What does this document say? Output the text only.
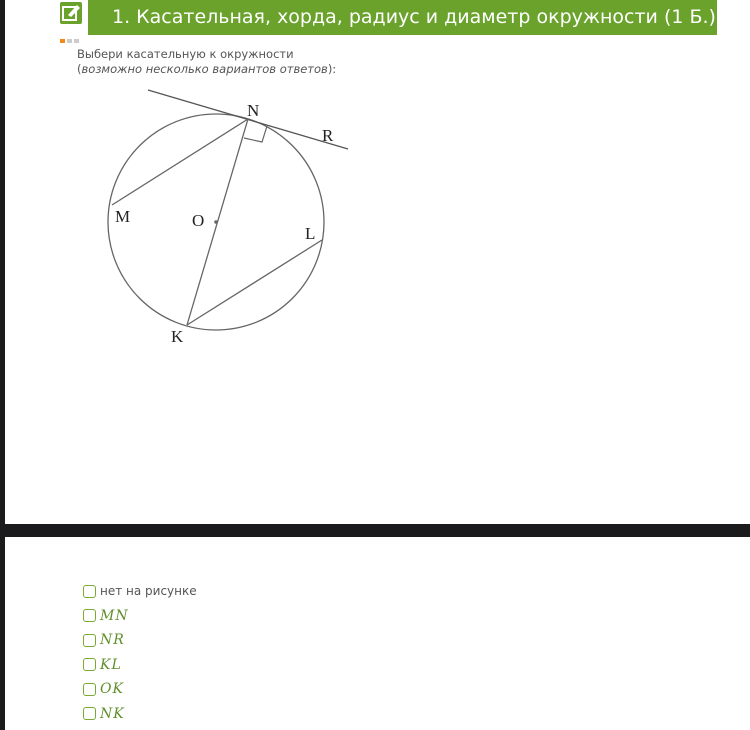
1. Касательная, хорда, радиус и диаметр окружности (1 Б.)
Выбери касательную к окружности
(возможно несколько вариантов ответов):
N
R
M	O
L
K
нет на рисунке
MN
NR
KL
OK
NK
